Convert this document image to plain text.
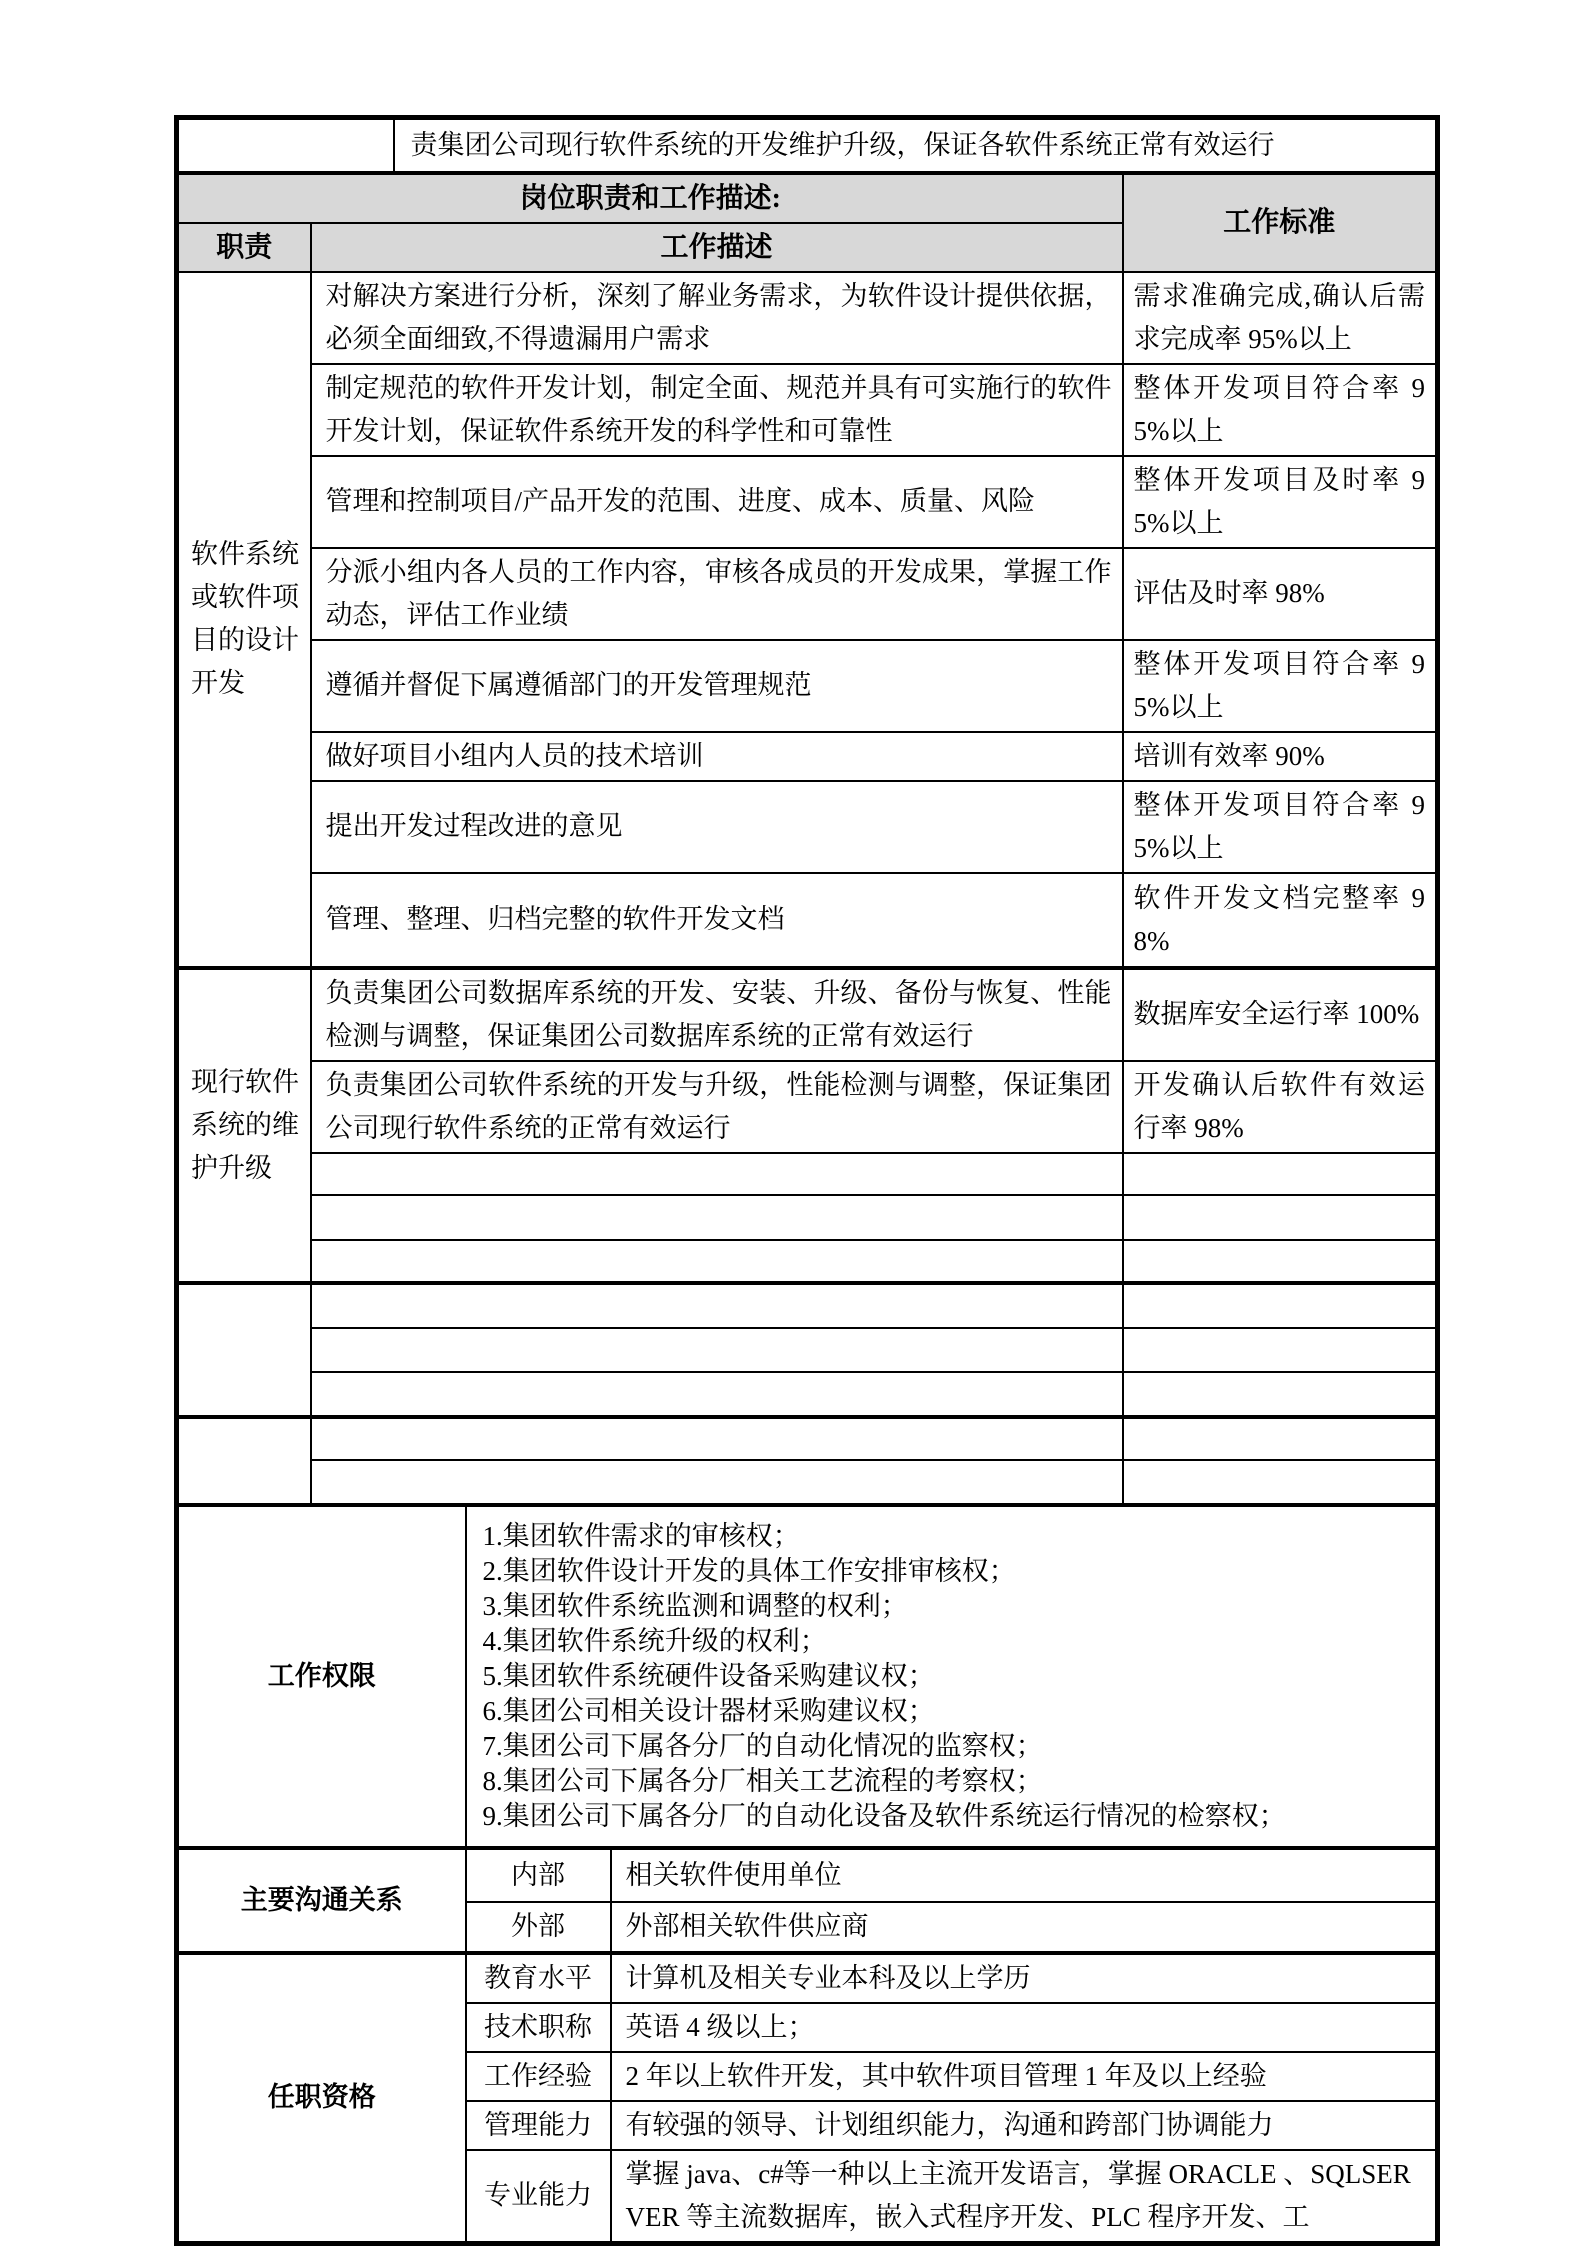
		责集团公司现行软件系统的开发维护升级，保证各软件系统正常有效运行			
岗位职责和工作描述:					工作标准
职责	工作描述				
软件系统或软件项目的设计开发	对解决方案进行分析，深刻了解业务需求，为软件设计提供依据，必须全面细致,不得遗漏用户需求				需求准确完成,确认后需求完成率 95%以上
	制定规范的软件开发计划，制定全面、规范并具有可实施行的软件开发计划，保证软件系统开发的科学性和可靠性				整体开发项目符合率 95%以上
	管理和控制项目/产品开发的范围、进度、成本、质量、风险				整体开发项目及时率 95%以上
	分派小组内各人员的工作内容，审核各成员的开发成果，掌握工作动态，评估工作业绩				评估及时率 98%
	遵循并督促下属遵循部门的开发管理规范				整体开发项目符合率 95%以上
	做好项目小组内人员的技术培训				培训有效率 90%
	提出开发过程改进的意见				整体开发项目符合率 95%以上
	管理、整理、归档完整的软件开发文档				软件开发文档完整率 98%
现行软件系统的维护升级	负责集团公司数据库系统的开发、安装、升级、备份与恢复、性能检测与调整，保证集团公司数据库系统的正常有效运行				数据库安全运行率 100%
	负责集团公司软件系统的开发与升级，性能检测与调整，保证集团公司现行软件系统的正常有效运行				开发确认后软件有效运行率 98%

工作权限	
1.集团软件需求的审核权；
2.集团软件设计开发的具体工作安排审核权；
3.集团软件系统监测和调整的权利；
4.集团软件系统升级的权利；
5.集团软件系统硬件设备采购建议权；
6.集团公司相关设计器材采购建议权；
7.集团公司下属各分厂的自动化情况的监察权；
8.集团公司下属各分厂相关工艺流程的考察权；
9.集团公司下属各分厂的自动化设备及软件系统运行情况的检察权；

主要沟通关系			内部	相关软件使用单位	
			外部	外部相关软件供应商	
任职资格			教育水平	计算机及相关专业本科及以上学历	
			技术职称	英语 4 级以上；	
			工作经验	2 年以上软件开发，其中软件项目管理 1 年及以上经验	
			管理能力	有较强的领导、计划组织能力，沟通和跨部门协调能力	
			专业能力	掌握 java、c#等一种以上主流开发语言，掌握 ORACLE 、SQLSERVER 等主流数据库，嵌入式程序开发、PLC 程序开发、工	
